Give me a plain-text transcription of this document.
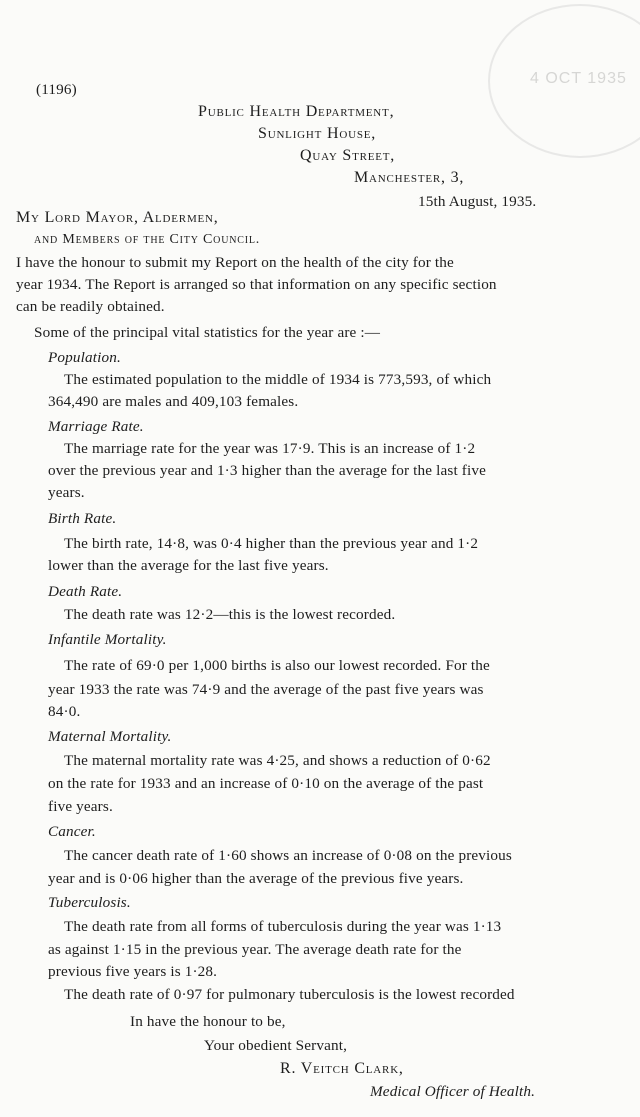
4 OCT 1935
(1196)
Public Health Department,
Sunlight House,
Quay Street,
Manchester, 3,
15th August, 1935.
My Lord Mayor, Aldermen,
and Members of the City Council.
I have the honour to submit my Report on the health of the city for the
year 1934. The Report is arranged so that information on any specific section
can be readily obtained.
Some of the principal vital statistics for the year are :—
Population.
The estimated population to the middle of 1934 is 773,593, of which
364,490 are males and 409,103 females.
Marriage Rate.
The marriage rate for the year was 17·9. This is an increase of 1·2
over the previous year and 1·3 higher than the average for the last five
years.
Birth Rate.
The birth rate, 14·8, was 0·4 higher than the previous year and 1·2
lower than the average for the last five years.
Death Rate.
The death rate was 12·2—this is the lowest recorded.
Infantile Mortality.
The rate of 69·0 per 1,000 births is also our lowest recorded. For the
year 1933 the rate was 74·9 and the average of the past five years was
84·0.
Maternal Mortality.
The maternal mortality rate was 4·25, and shows a reduction of 0·62
on the rate for 1933 and an increase of 0·10 on the average of the past
five years.
Cancer.
The cancer death rate of 1·60 shows an increase of 0·08 on the previous
year and is 0·06 higher than the average of the previous five years.
Tuberculosis.
The death rate from all forms of tuberculosis during the year was 1·13
as against 1·15 in the previous year. The average death rate for the
previous five years is 1·28.
The death rate of 0·97 for pulmonary tuberculosis is the lowest recorded
In have the honour to be,
Your obedient Servant,
R. Veitch Clark,
Medical Officer of Health.
